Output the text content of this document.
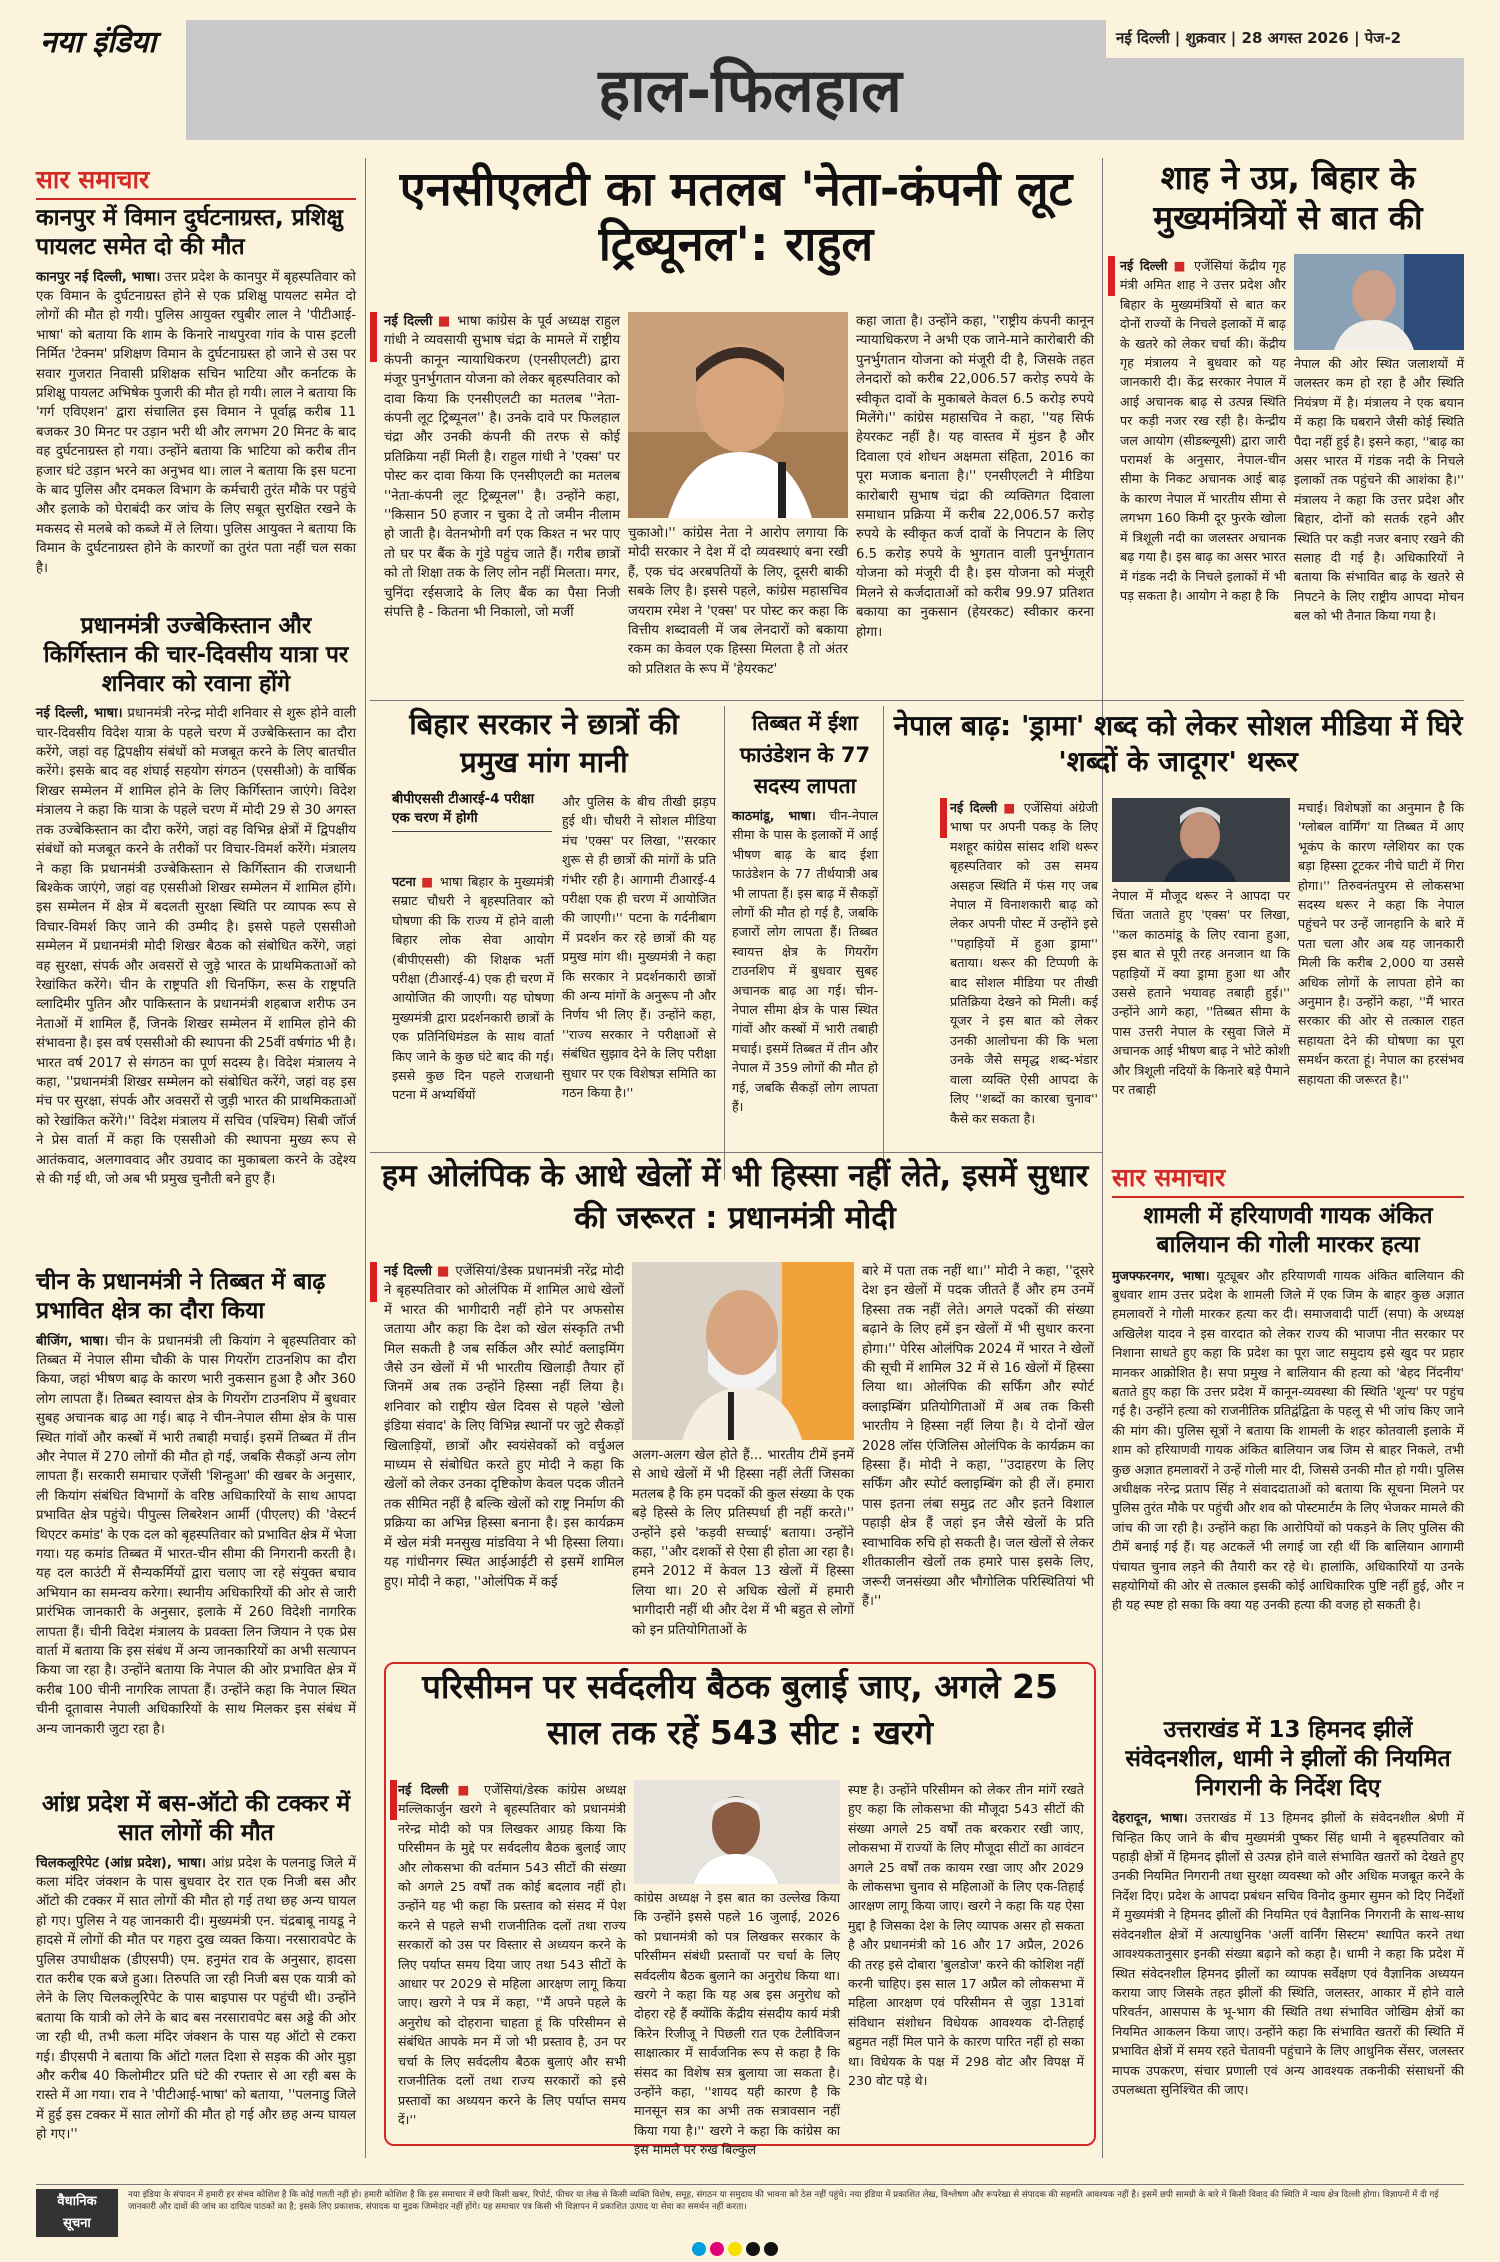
नया इंडिया	नई दिल्ली | शुक्रवार | 28 अगस्त 2026 | पेज-2
हाल-फिलहाल
सार समाचार
कानपुर में विमान दुर्घटनाग्रस्त, प्रशिक्षु पायलट समेत दो की मौत
कानपुर नई दिल्ली, भाषा। उत्तर प्रदेश के कानपुर में बृहस्पतिवार को एक विमान के दुर्घटनाग्रस्त होने से एक प्रशिक्षु पायलट समेत दो लोगों की मौत हो गयी। पुलिस आयुक्त रघुबीर लाल ने 'पीटीआई-भाषा' को बताया कि शाम के किनारे नाथपुरवा गांव के पास इटली निर्मित 'टेक्नम' प्रशिक्षण विमान के दुर्घटनाग्रस्त हो जाने से उस पर सवार गुजरात निवासी प्रशिक्षक सचिन भाटिया और कर्नाटक के प्रशिक्षु पायलट अभिषेक पुजारी की मौत हो गयी। लाल ने बताया कि 'गर्ग एविएशन' द्वारा संचालित इस विमान ने पूर्वाह्न करीब 11 बजकर 30 मिनट पर उड़ान भरी थी और लगभग 20 मिनट के बाद वह दुर्घटनाग्रस्त हो गया। उन्होंने बताया कि भाटिया को करीब तीन हजार घंटे उड़ान भरने का अनुभव था। लाल ने बताया कि इस घटना के बाद पुलिस और दमकल विभाग के कर्मचारी तुरंत मौके पर पहुंचे और इलाके को घेराबंदी कर जांच के लिए सबूत सुरक्षित रखने के मकसद से मलबे को कब्जे में ले लिया। पुलिस आयुक्त ने बताया कि विमान के दुर्घटनाग्रस्त होने के कारणों का तुरंत पता नहीं चल सका है।
प्रधानमंत्री उज्बेकिस्तान और किर्गिस्तान की चार-दिवसीय यात्रा पर शनिवार को रवाना होंगे
नई दिल्ली, भाषा। प्रधानमंत्री नरेन्द्र मोदी शनिवार से शुरू होने वाली चार-दिवसीय विदेश यात्रा के पहले चरण में उज्बेकिस्तान का दौरा करेंगे, जहां वह द्विपक्षीय संबंधों को मजबूत करने के लिए बातचीत करेंगे। इसके बाद वह शंघाई सहयोग संगठन (एससीओ) के वार्षिक शिखर सम्मेलन में शामिल होने के लिए किर्गिस्तान जाएंगे। विदेश मंत्रालय ने कहा कि यात्रा के पहले चरण में मोदी 29 से 30 अगस्त तक उज्बेकिस्तान का दौरा करेंगे, जहां वह विभिन्न क्षेत्रों में द्विपक्षीय संबंधों को मजबूत करने के तरीकों पर विचार-विमर्श करेंगे। मंत्रालय ने कहा कि प्रधानमंत्री उज्बेकिस्तान से किर्गिस्तान की राजधानी बिश्केक जाएंगे, जहां वह एससीओ शिखर सम्मेलन में शामिल होंगे। इस सम्मेलन में क्षेत्र में बदलती सुरक्षा स्थिति पर व्यापक रूप से विचार-विमर्श किए जाने की उम्मीद है। इससे पहले एससीओ सम्मेलन में प्रधानमंत्री मोदी शिखर बैठक को संबोधित करेंगे, जहां वह सुरक्षा, संपर्क और अवसरों से जुड़े भारत के प्राथमिकताओं को रेखांकित करेंगे। चीन के राष्ट्रपति शी चिनफिंग, रूस के राष्ट्रपति व्लादिमीर पुतिन और पाकिस्तान के प्रधानमंत्री शहबाज शरीफ उन नेताओं में शामिल हैं, जिनके शिखर सम्मेलन में शामिल होने की संभावना है। इस वर्ष एससीओ की स्थापना की 25वीं वर्षगांठ भी है। भारत वर्ष 2017 से संगठन का पूर्ण सदस्य है। विदेश मंत्रालय ने कहा, ''प्रधानमंत्री शिखर सम्मेलन को संबोधित करेंगे, जहां वह इस मंच पर सुरक्षा, संपर्क और अवसरों से जुड़ी भारत की प्राथमिकताओं को रेखांकित करेंगे।'' विदेश मंत्रालय में सचिव (पश्चिम) सिबी जॉर्ज ने प्रेस वार्ता में कहा कि एससीओ की स्थापना मुख्य रूप से आतंकवाद, अलगाववाद और उग्रवाद का मुकाबला करने के उद्देश्य से की गई थी, जो अब भी प्रमुख चुनौती बने हुए हैं।
चीन के प्रधानमंत्री ने तिब्बत में बाढ़ प्रभावित क्षेत्र का दौरा किया
बीजिंग, भाषा। चीन के प्रधानमंत्री ली कियांग ने बृहस्पतिवार को तिब्बत में नेपाल सीमा चौकी के पास गियरोंग टाउनशिप का दौरा किया, जहां भीषण बाढ़ के कारण भारी नुकसान हुआ है और 360 लोग लापता हैं। तिब्बत स्वायत्त क्षेत्र के गियरोंग टाउनशिप में बुधवार सुबह अचानक बाढ़ आ गई। बाढ़ ने चीन-नेपाल सीमा क्षेत्र के पास स्थित गांवों और कस्बों में भारी तबाही मचाई। इसमें तिब्बत में तीन और नेपाल में 270 लोगों की मौत हो गई, जबकि सैकड़ों अन्य लोग लापता हैं। सरकारी समाचार एजेंसी 'शिन्हुआ' की खबर के अनुसार, ली कियांग संबंधित विभागों के वरिष्ठ अधिकारियों के साथ आपदा प्रभावित क्षेत्र पहुंचे। पीपुल्स लिबरेशन आर्मी (पीएलए) की 'वेस्टर्न थिएटर कमांड' के एक दल को बृहस्पतिवार को प्रभावित क्षेत्र में भेजा गया। यह कमांड तिब्बत में भारत-चीन सीमा की निगरानी करती है। यह दल काउंटी में सैन्यकर्मियों द्वारा चलाए जा रहे संयुक्त बचाव अभियान का समन्वय करेगा। स्थानीय अधिकारियों की ओर से जारी प्रारंभिक जानकारी के अनुसार, इलाके में 260 विदेशी नागरिक लापता हैं। चीनी विदेश मंत्रालय के प्रवक्ता लिन जियान ने एक प्रेस वार्ता में बताया कि इस संबंध में अन्य जानकारियों का अभी सत्यापन किया जा रहा है। उन्होंने बताया कि नेपाल की ओर प्रभावित क्षेत्र में करीब 100 चीनी नागरिक लापता हैं। उन्होंने कहा कि नेपाल स्थित चीनी दूतावास नेपाली अधिकारियों के साथ मिलकर इस संबंध में अन्य जानकारी जुटा रहा है।
आंध्र प्रदेश में बस-ऑटो की टक्कर में सात लोगों की मौत
चिलकलूरिपेट (आंध्र प्रदेश), भाषा। आंध्र प्रदेश के पलनाडु जिले में कला मंदिर जंक्शन के पास बुधवार देर रात एक निजी बस और ऑटो की टक्कर में सात लोगों की मौत हो गई तथा छह अन्य घायल हो गए। पुलिस ने यह जानकारी दी। मुख्यमंत्री एन. चंद्रबाबू नायडू ने हादसे में लोगों की मौत पर गहरा दुख व्यक्त किया। नरसारावपेट के पुलिस उपाधीक्षक (डीएसपी) एम. हनुमंत राव के अनुसार, हादसा रात करीब एक बजे हुआ। तिरुपति जा रही निजी बस एक यात्री को लेने के लिए चिलकलूरिपेट के पास बाइपास पर पहुंची थी। उन्होंने बताया कि यात्री को लेने के बाद बस नरसारावपेट बस अड्डे की ओर जा रही थी, तभी कला मंदिर जंक्शन के पास यह ऑटो से टकरा गई। डीएसपी ने बताया कि ऑटो गलत दिशा से सड़क की ओर मुड़ा और करीब 40 किलोमीटर प्रति घंटे की रफ्तार से आ रही बस के रास्ते में आ गया। राव ने 'पीटीआई-भाषा' को बताया, ''पलनाडु जिले में हुई इस टक्कर में सात लोगों की मौत हो गई और छह अन्य घायल हो गए।''
एनसीएलटी का मतलब 'नेता-कंपनी लूट ट्रिब्यूनल': राहुल
नई दिल्ली ■ भाषा कांग्रेस के पूर्व अध्यक्ष राहुल गांधी ने व्यवसायी सुभाष चंद्रा के मामले में राष्ट्रीय कंपनी कानून न्यायाधिकरण (एनसीएलटी) द्वारा मंजूर पुनर्भुगतान योजना को लेकर बृहस्पतिवार को दावा किया कि एनसीएलटी का मतलब ''नेता-कंपनी लूट ट्रिब्यूनल'' है। उनके दावे पर फिलहाल चंद्रा और उनकी कंपनी की तरफ से कोई प्रतिक्रिया नहीं मिली है। राहुल गांधी ने 'एक्स' पर पोस्ट कर दावा किया कि एनसीएलटी का मतलब ''नेता-कंपनी लूट ट्रिब्यूनल'' है। उन्होंने कहा, ''किसान 50 हजार न चुका दे तो जमीन नीलाम हो जाती है। वेतनभोगी वर्ग एक किश्त न भर पाए तो घर पर बैंक के गुंडे पहुंच जाते हैं। गरीब छात्रों को तो शिक्षा तक के लिए लोन नहीं मिलता। मगर, चुनिंदा रईसजादे के लिए बैंक का पैसा निजी संपत्ति है - कितना भी निकालो, जो मर्जी
चुकाओ।'' कांग्रेस नेता ने आरोप लगाया कि मोदी सरकार ने देश में दो व्यवस्थाएं बना रखी हैं, एक चंद अरबपतियों के लिए, दूसरी बाकी सबके लिए है। इससे पहले, कांग्रेस महासचिव जयराम रमेश ने 'एक्स' पर पोस्ट कर कहा कि वित्तीय शब्दावली में जब लेनदारों को बकाया रकम का केवल एक हिस्सा मिलता है तो अंतर को प्रतिशत के रूप में 'हेयरकट'
कहा जाता है। उन्होंने कहा, ''राष्ट्रीय कंपनी कानून न्यायाधिकरण ने अभी एक जाने-माने कारोबारी की पुनर्भुगतान योजना को मंजूरी दी है, जिसके तहत लेनदारों को करीब 22,006.57 करोड़ रुपये के स्वीकृत दावों के मुकाबले केवल 6.5 करोड़ रुपये मिलेंगे।'' कांग्रेस महासचिव ने कहा, ''यह सिर्फ हेयरकट नहीं है। यह वास्तव में मुंडन है और दिवाला एवं शोधन अक्षमता संहिता, 2016 का पूरा मजाक बनाता है।'' एनसीएलटी ने मीडिया कारोबारी सुभाष चंद्रा की व्यक्तिगत दिवाला समाधान प्रक्रिया में करीब 22,006.57 करोड़ रुपये के स्वीकृत कर्ज दावों के निपटान के लिए 6.5 करोड़ रुपये के भुगतान वाली पुनर्भुगतान योजना को मंजूरी दी है। इस योजना को मंजूरी मिलने से कर्जदाताओं को करीब 99.97 प्रतिशत बकाया का नुकसान (हेयरकट) स्वीकार करना होगा।
शाह ने उप्र, बिहार के मुख्यमंत्रियों से बात की
नई दिल्ली ■ एजेंसियां केंद्रीय गृह मंत्री अमित शाह ने उत्तर प्रदेश और बिहार के मुख्यमंत्रियों से बात कर दोनों राज्यों के निचले इलाकों में बाढ़ के खतरे को लेकर चर्चा की। केंद्रीय गृह मंत्रालय ने बुधवार को यह जानकारी दी। केंद्र सरकार नेपाल में आई अचानक बाढ़ से उत्पन्न स्थिति पर कड़ी नजर रख रही है। केन्द्रीय जल आयोग (सीडब्ल्यूसी) द्वारा जारी परामर्श के अनुसार, नेपाल-चीन सीमा के निकट अचानक आई बाढ़ के कारण नेपाल में भारतीय सीमा से लगभग 160 किमी दूर फुरके खोला में त्रिशूली नदी का जलस्तर अचानक बढ़ गया है। इस बाढ़ का असर भारत में गंडक नदी के निचले इलाकों में भी पड़ सकता है। आयोग ने कहा है कि
नेपाल की ओर स्थित जलाशयों में जलस्तर कम हो रहा है और स्थिति नियंत्रण में है। मंत्रालय ने एक बयान में कहा कि घबराने जैसी कोई स्थिति पैदा नहीं हुई है। इसने कहा, ''बाढ़ का असर भारत में गंडक नदी के निचले इलाकों तक पहुंचने की आशंका है।'' मंत्रालय ने कहा कि उत्तर प्रदेश और बिहार, दोनों को सतर्क रहने और स्थिति पर कड़ी नजर बनाए रखने की सलाह दी गई है। अधिकारियों ने बताया कि संभावित बाढ़ के खतरे से निपटने के लिए राष्ट्रीय आपदा मोचन बल को भी तैनात किया गया है।
बिहार सरकार ने छात्रों की प्रमुख मांग मानी
बीपीएससी टीआरई-4 परीक्षा एक चरण में होगी
पटना ■ भाषा बिहार के मुख्यमंत्री सम्राट चौधरी ने बृहस्पतिवार को घोषणा की कि राज्य में होने वाली बिहार लोक सेवा आयोग (बीपीएससी) की शिक्षक भर्ती परीक्षा (टीआरई-4) एक ही चरण में आयोजित की जाएगी। यह घोषणा मुख्यमंत्री द्वारा प्रदर्शनकारी छात्रों के एक प्रतिनिधिमंडल के साथ वार्ता किए जाने के कुछ घंटे बाद की गई। इससे कुछ दिन पहले राजधानी पटना में अभ्यर्थियों
और पुलिस के बीच तीखी झड़प हुई थी। चौधरी ने सोशल मीडिया मंच 'एक्स' पर लिखा, ''सरकार शुरू से ही छात्रों की मांगों के प्रति गंभीर रही है। आगामी टीआरई-4 परीक्षा एक ही चरण में आयोजित की जाएगी।'' पटना के गर्दनीबाग में प्रदर्शन कर रहे छात्रों की यह प्रमुख मांग थी। मुख्यमंत्री ने कहा कि सरकार ने प्रदर्शनकारी छात्रों की अन्य मांगों के अनुरूप नौ और निर्णय भी लिए हैं। उन्होंने कहा, ''राज्य सरकार ने परीक्षाओं से संबंधित सुझाव देने के लिए परीक्षा सुधार पर एक विशेषज्ञ समिति का गठन किया है।''
तिब्बत में ईशा फाउंडेशन के 77 सदस्य लापता
काठमांडू, भाषा। चीन-नेपाल सीमा के पास के इलाकों में आई भीषण बाढ़ के बाद ईशा फाउंडेशन के 77 तीर्थयात्री अब भी लापता हैं। इस बाढ़ में सैकड़ों लोगों की मौत हो गई है, जबकि हजारों लोग लापता हैं। तिब्बत स्वायत्त क्षेत्र के गियरोंग टाउनशिप में बुधवार सुबह अचानक बाढ़ आ गई। चीन-नेपाल सीमा क्षेत्र के पास स्थित गांवों और कस्बों में भारी तबाही मचाई। इसमें तिब्बत में तीन और नेपाल में 359 लोगों की मौत हो गई, जबकि सैकड़ों लोग लापता हैं।
नेपाल बाढ़: 'ड्रामा' शब्द को लेकर सोशल मीडिया में घिरे 'शब्दों के जादूगर' थरूर
नई दिल्ली ■ एजेंसियां अंग्रेजी भाषा पर अपनी पकड़ के लिए मशहूर कांग्रेस सांसद शशि थरूर बृहस्पतिवार को उस समय असहज स्थिति में फंस गए जब नेपाल में विनाशकारी बाढ़ को लेकर अपनी पोस्ट में उन्होंने इसे ''पहाड़ियों में हुआ ड्रामा'' बताया। थरूर की टिप्पणी के बाद सोशल मीडिया पर तीखी प्रतिक्रिया देखने को मिली। कई यूजर ने इस बात को लेकर उनकी आलोचना की कि भला उनके जैसे समृद्ध शब्द-भंडार वाला व्यक्ति ऐसी आपदा के लिए ''शब्दों का कारबा चुनाव'' कैसे कर सकता है।
नेपाल में मौजूद थरूर ने आपदा पर चिंता जताते हुए 'एक्स' पर लिखा, ''कल काठमांडू के लिए रवाना हुआ, इस बात से पूरी तरह अनजान था कि पहाड़ियों में क्या ड्रामा हुआ था और उससे हताने भयावह तबाही हुई।'' उन्होंने आगे कहा, ''तिब्बत सीमा के पास उत्तरी नेपाल के रसुवा जिले में अचानक आई भीषण बाढ़ ने भोटे कोशी और त्रिशूली नदियों के किनारे बड़े पैमाने पर तबाही
मचाई। विशेषज्ञों का अनुमान है कि 'ग्लोबल वार्मिंग' या तिब्बत में आए भूकंप के कारण ग्लेशियर का एक बड़ा हिस्सा टूटकर नीचे घाटी में गिरा होगा।'' तिरुवनंतपुरम से लोकसभा सदस्य थरूर ने कहा कि नेपाल पहुंचने पर उन्हें जानहानि के बारे में पता चला और अब यह जानकारी मिली कि करीब 2,000 या उससे अधिक लोगों के लापता होने का अनुमान है। उन्होंने कहा, ''मैं भारत सरकार की ओर से तत्काल राहत सहायता देने की घोषणा का पूरा समर्थन करता हूं। नेपाल का हरसंभव सहायता की जरूरत है।''
हम ओलंपिक के आधे खेलों में भी हिस्सा नहीं लेते, इसमें सुधार की जरूरत : प्रधानमंत्री मोदी
नई दिल्ली ■ एजेंसियां/डेस्क प्रधानमंत्री नरेंद्र मोदी ने बृहस्पतिवार को ओलंपिक में शामिल आधे खेलों में भारत की भागीदारी नहीं होने पर अफसोस जताया और कहा कि देश को खेल संस्कृति तभी मिल सकती है जब सर्किल और स्पोर्ट क्लाइमिंग जैसे उन खेलों में भी भारतीय खिलाड़ी तैयार हों जिनमें अब तक उन्होंने हिस्सा नहीं लिया है। शनिवार को राष्ट्रीय खेल दिवस से पहले 'खेलो इंडिया संवाद' के लिए विभिन्न स्थानों पर जुटे सैकड़ों खिलाड़ियों, छात्रों और स्वयंसेवकों को वर्चुअल माध्यम से संबोधित करते हुए मोदी ने कहा कि खेलों को लेकर उनका दृष्टिकोण केवल पदक जीतने तक सीमित नहीं है बल्कि खेलों को राष्ट्र निर्माण की प्रक्रिया का अभिन्न हिस्सा बनाना है। इस कार्यक्रम में खेल मंत्री मनसुख मांडविया ने भी हिस्सा लिया। यह गांधीनगर स्थित आईआईटी से इसमें शामिल हुए। मोदी ने कहा, ''ओलंपिक में कई
अलग-अलग खेल होते हैं... भारतीय टीमें इनमें से आधे खेलों में भी हिस्सा नहीं लेतीं जिसका मतलब है कि हम पदकों की कुल संख्या के एक बड़े हिस्से के लिए प्रतिस्पर्धा ही नहीं करते।'' उन्होंने इसे 'कड़वी सच्चाई' बताया। उन्होंने कहा, ''और दशकों से ऐसा ही होता आ रहा है। हमने 2012 में केवल 13 खेलों में हिस्सा लिया था। 20 से अधिक खेलों में हमारी भागीदारी नहीं थी और देश में भी बहुत से लोगों को इन प्रतियोगिताओं के
बारे में पता तक नहीं था।'' मोदी ने कहा, ''दूसरे देश इन खेलों में पदक जीतते हैं और हम उनमें हिस्सा तक नहीं लेते। अगले पदकों की संख्या बढ़ाने के लिए हमें इन खेलों में भी सुधार करना होगा।'' पेरिस ओलंपिक 2024 में भारत ने खेलों की सूची में शामिल 32 में से 16 खेलों में हिस्सा लिया था। ओलंपिक की सर्फिंग और स्पोर्ट क्लाइम्बिंग प्रतियोगिताओं में अब तक किसी भारतीय ने हिस्सा नहीं लिया है। ये दोनों खेल 2028 लॉस एंजिलिस ओलंपिक के कार्यक्रम का हिस्सा हैं। मोदी ने कहा, ''उदाहरण के लिए सर्फिंग और स्पोर्ट क्लाइम्बिंग को ही लें। हमारा पास इतना लंबा समुद्र तट और इतने विशाल पहाड़ी क्षेत्र हैं जहां इन जैसे खेलों के प्रति स्वाभाविक रुचि हो सकती है। जल खेलों से लेकर शीतकालीन खेलों तक हमारे पास इसके लिए, जरूरी जनसंख्या और भौगोलिक परिस्थितियां भी हैं।''
परिसीमन पर सर्वदलीय बैठक बुलाई जाए, अगले 25 साल तक रहें 543 सीट : खरगे
नई दिल्ली ■ एजेंसियां/डेस्क कांग्रेस अध्यक्ष मल्लिकार्जुन खरगे ने बृहस्पतिवार को प्रधानमंत्री नरेन्द्र मोदी को पत्र लिखकर आग्रह किया कि परिसीमन के मुद्दे पर सर्वदलीय बैठक बुलाई जाए और लोकसभा की वर्तमान 543 सीटों की संख्या को अगले 25 वर्षों तक कोई बदलाव नहीं हो। उन्होंने यह भी कहा कि प्रस्ताव को संसद में पेश करने से पहले सभी राजनीतिक दलों तथा राज्य सरकारों को उस पर विस्तार से अध्ययन करने के लिए पर्याप्त समय दिया जाए तथा 543 सीटों के आधार पर 2029 से महिला आरक्षण लागू किया जाए। खरगे ने पत्र में कहा, ''मैं अपने पहले के अनुरोध को दोहराना चाहता हूं कि परिसीमन से संबंधित आपके मन में जो भी प्रस्ताव है, उन पर चर्चा के लिए सर्वदलीय बैठक बुलाएं और सभी राजनीतिक दलों तथा राज्य सरकारों को इसे प्रस्तावों का अध्ययन करने के लिए पर्याप्त समय दें।''
कांग्रेस अध्यक्ष ने इस बात का उल्लेख किया कि उन्होंने इससे पहले 16 जुलाई, 2026 को प्रधानमंत्री को पत्र लिखकर सरकार के परिसीमन संबंधी प्रस्तावों पर चर्चा के लिए सर्वदलीय बैठक बुलाने का अनुरोध किया था। खरगे ने कहा कि यह अब इस अनुरोध को दोहरा रहे हैं क्योंकि केंद्रीय संसदीय कार्य मंत्री किरेन रिजीजू ने पिछली रात एक टेलीविजन साक्षात्कार में सार्वजनिक रूप से कहा है कि संसद का विशेष सत्र बुलाया जा सकता है। उन्होंने कहा, ''शायद यही कारण है कि मानसून सत्र का अभी तक सत्रावसान नहीं किया गया है।'' खरगे ने कहा कि कांग्रेस का इस मामले पर रुख बिल्कुल
स्पष्ट है। उन्होंने परिसीमन को लेकर तीन मांगें रखते हुए कहा कि लोकसभा की मौजूदा 543 सीटों की संख्या अगले 25 वर्षों तक बरकरार रखी जाए, लोकसभा में राज्यों के लिए मौजूदा सीटों का आवंटन अगले 25 वर्षों तक कायम रखा जाए और 2029 के लोकसभा चुनाव से महिलाओं के लिए एक-तिहाई आरक्षण लागू किया जाए। खरगे ने कहा कि यह ऐसा मुद्दा है जिसका देश के लिए व्यापक असर हो सकता है और प्रधानमंत्री को 16 और 17 अप्रैल, 2026 की तरह इसे दोबारा 'बुलडोज' करने की कोशिश नहीं करनी चाहिए। इस साल 17 अप्रैल को लोकसभा में महिला आरक्षण एवं परिसीमन से जुड़ा 131वां संविधान संशोधन विधेयक आवश्यक दो-तिहाई बहुमत नहीं मिल पाने के कारण पारित नहीं हो सका था। विधेयक के पक्ष में 298 वोट और विपक्ष में 230 वोट पड़े थे।
सार समाचार
शामली में हरियाणवी गायक अंकित बालियान की गोली मारकर हत्या
मुजफ्फरनगर, भाषा। यूट्यूबर और हरियाणवी गायक अंकित बालियान की बुधवार शाम उत्तर प्रदेश के शामली जिले में एक जिम के बाहर कुछ अज्ञात हमलावरों ने गोली मारकर हत्या कर दी। समाजवादी पार्टी (सपा) के अध्यक्ष अखिलेश यादव ने इस वारदात को लेकर राज्य की भाजपा नीत सरकार पर निशाना साधते हुए कहा कि प्रदेश का पूरा जाट समुदाय इसे खुद पर प्रहार मानकर आक्रोशित है। सपा प्रमुख ने बालियान की हत्या को 'बेहद निंदनीय' बताते हुए कहा कि उत्तर प्रदेश में कानून-व्यवस्था की स्थिति 'शून्य' पर पहुंच गई है। उन्होंने हत्या को राजनीतिक प्रतिद्वंद्विता के पहलू से भी जांच किए जाने की मांग की। पुलिस सूत्रों ने बताया कि शामली के शहर कोतवाली इलाके में शाम को हरियाणवी गायक अंकित बालियान जब जिम से बाहर निकले, तभी कुछ अज्ञात हमलावरों ने उन्हें गोली मार दी, जिससे उनकी मौत हो गयी। पुलिस अधीक्षक नरेन्द्र प्रताप सिंह ने संवाददाताओं को बताया कि सूचना मिलने पर पुलिस तुरंत मौके पर पहुंची और शव को पोस्टमार्टम के लिए भेजकर मामले की जांच की जा रही है। उन्होंने कहा कि आरोपियों को पकड़ने के लिए पुलिस की टीमें बनाई गई हैं। यह अटकलें भी लगाई जा रही थीं कि बालियान आगामी पंचायत चुनाव लड़ने की तैयारी कर रहे थे। हालांकि, अधिकारियों या उनके सहयोगियों की ओर से तत्काल इसकी कोई आधिकारिक पुष्टि नहीं हुई, और न ही यह स्पष्ट हो सका कि क्या यह उनकी हत्या की वजह हो सकती है।
उत्तराखंड में 13 हिमनद झीलें संवेदनशील, धामी ने झीलों की नियमित निगरानी के निर्देश दिए
देहरादून, भाषा। उत्तराखंड में 13 हिमनद झीलों के संवेदनशील श्रेणी में चिन्हित किए जाने के बीच मुख्यमंत्री पुष्कर सिंह धामी ने बृहस्पतिवार को पहाड़ी क्षेत्रों में हिमनद झीलों से उत्पन्न होने वाले संभावित खतरों को देखते हुए उनकी नियमित निगरानी तथा सुरक्षा व्यवस्था को और अधिक मजबूत करने के निर्देश दिए। प्रदेश के आपदा प्रबंधन सचिव विनोद कुमार सुमन को दिए निर्देशों में मुख्यमंत्री ने हिमनद झीलों की नियमित एवं वैज्ञानिक निगरानी के साथ-साथ संवेदनशील क्षेत्रों में अत्याधुनिक 'अर्ली वार्निंग सिस्टम' स्थापित करने तथा आवश्यकतानुसार इनकी संख्या बढ़ाने को कहा है। धामी ने कहा कि प्रदेश में स्थित संवेदनशील हिमनद झीलों का व्यापक सर्वेक्षण एवं वैज्ञानिक अध्ययन कराया जाए जिसके तहत झीलों की स्थिति, जलस्तर, आकार में होने वाले परिवर्तन, आसपास के भू-भाग की स्थिति तथा संभावित जोखिम क्षेत्रों का नियमित आकलन किया जाए। उन्होंने कहा कि संभावित खतरों की स्थिति में प्रभावित क्षेत्रों में समय रहते चेतावनी पहुंचाने के लिए आधुनिक सेंसर, जलस्तर मापक उपकरण, संचार प्रणाली एवं अन्य आवश्यक तकनीकी संसाधनों की उपलब्धता सुनिश्चित की जाए।
वैधानिक
सूचना
नया इंडिया के संपादन में हमारी हर संभव कोशिश है कि कोई गलती नहीं हो। हमारी कोशिश है कि इस समाचार में छपी किसी खबर, रिपोर्ट, फीचर या लेख से किसी व्यक्ति विशेष, समूह, संगठन या समुदाय की भावना को ठेस नहीं पहुंचे। नया इंडिया में प्रकाशित लेख, विश्लेषण और रूपरेखा से संपादक की सहमति आवश्यक नहीं है। इसमें छपी सामग्री के बारे में किसी विवाद की स्थिति में न्याय क्षेत्र दिल्ली होगा। विज्ञापनों में दी गई जानकारी और दावों की जांच का दायित्व पाठकों का है; इसके लिए प्रकाशक, संपादक या मुद्रक जिम्मेदार नहीं होंगे। यह समाचार पत्र किसी भी विज्ञापन में प्रकाशित उत्पाद या सेवा का समर्थन नहीं करता।
